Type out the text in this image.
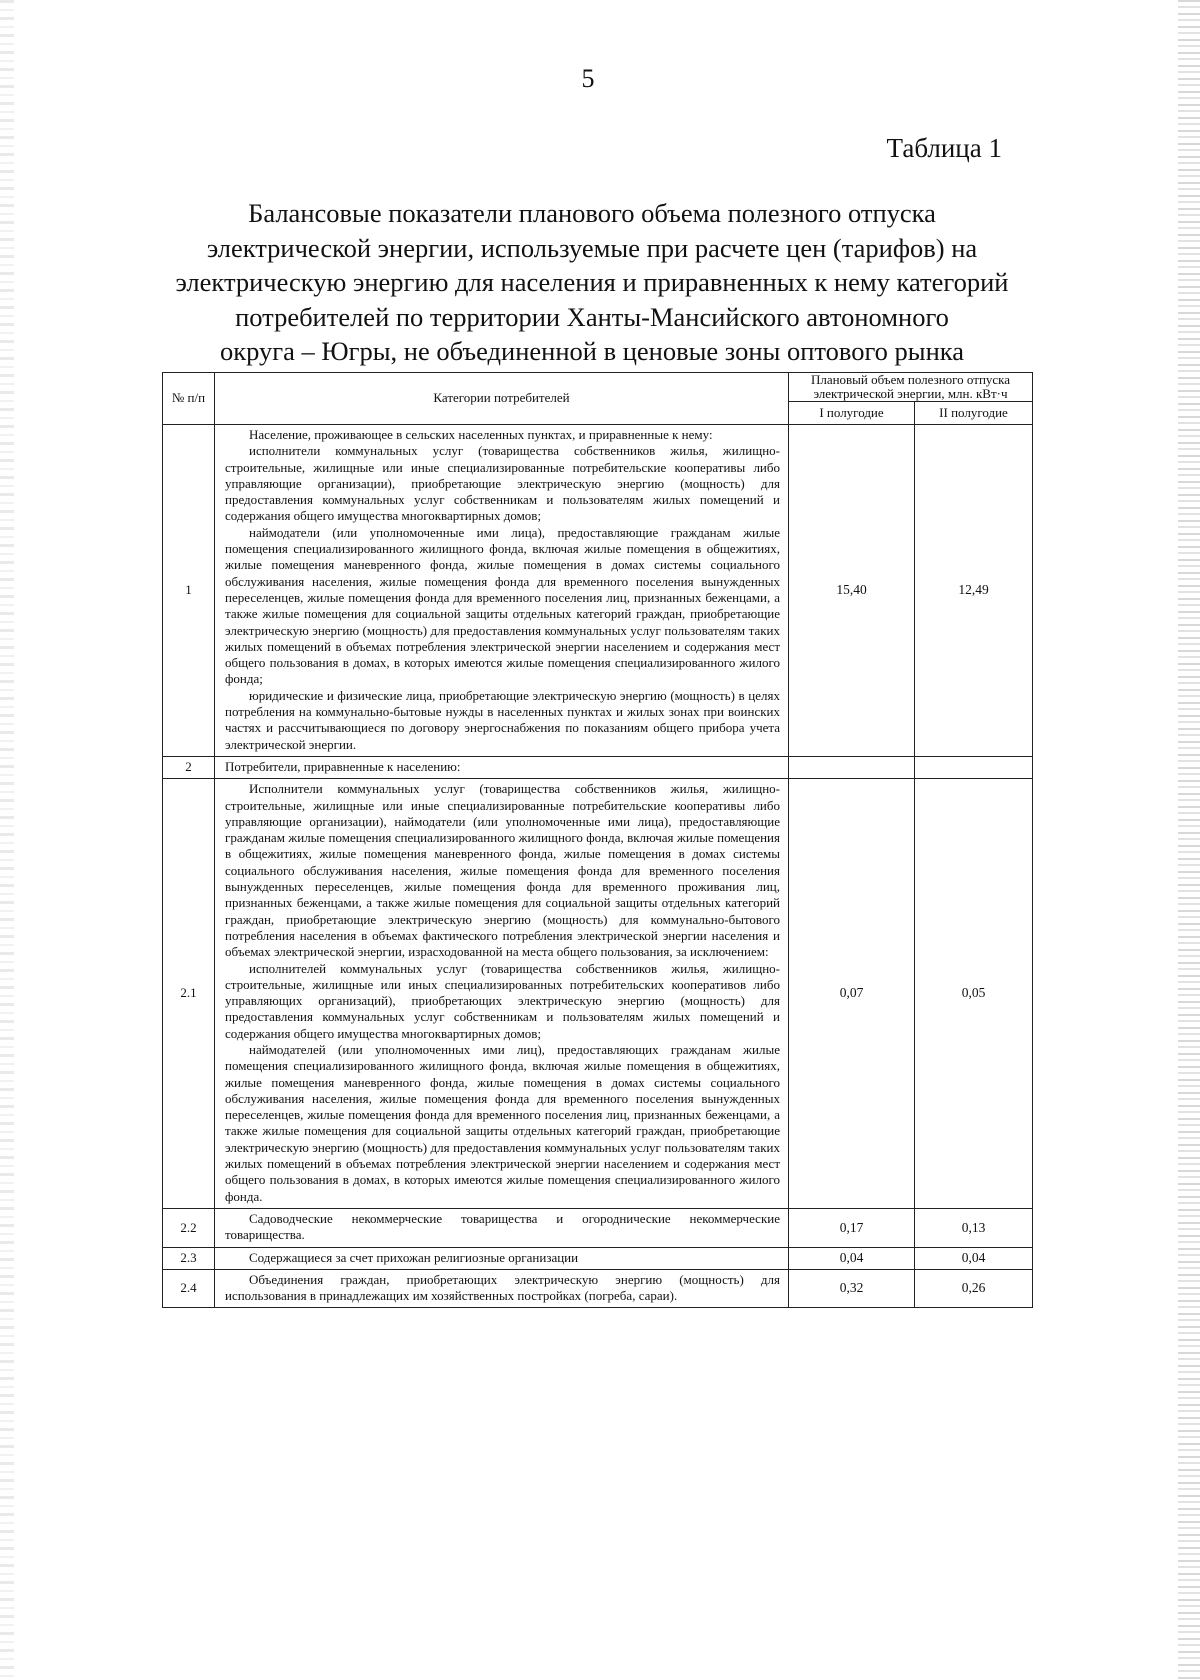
5
Таблица 1
Балансовые показатели планового объема полезного отпуска
электрической энергии, используемые при расчете цен (тарифов) на
электрическую энергию для населения и приравненных к нему категорий
потребителей по территории Ханты-Мансийского автономного
округа – Югры, не объединенной в ценовые зоны оптового рынка
№ п/п	Категории потребителей	Плановый объем полезного отпуска электрической энергии, млн. кВт·ч	
		I полугодие	II полугодие
1	Население, проживающее в сельских населенных пунктах, и приравненные к нему:

исполнители коммунальных услуг (товарищества собственников жилья, жилищно-строительные, жилищные или иные специализированные потребительские кооперативы либо управляющие организации), приобретающие электрическую энергию (мощность) для предоставления коммунальных услуг собственникам и пользователям жилых помещений и содержания общего имущества многоквартирных домов;

наймодатели (или уполномоченные ими лица), предоставляющие гражданам жилые помещения специализированного жилищного фонда, включая жилые помещения в общежитиях, жилые помещения маневренного фонда, жилые помещения в домах системы социального обслуживания населения, жилые помещения фонда для временного поселения вынужденных переселенцев, жилые помещения фонда для временного поселения лиц, признанных беженцами, а также жилые помещения для социальной защиты отдельных категорий граждан, приобретающие электрическую энергию (мощность) для предоставления коммунальных услуг пользователям таких жилых помещений в объемах потребления электрической энергии населением и содержания мест общего пользования в домах, в которых имеются жилые помещения специализированного жилого фонда;

юридические и физические лица, приобретающие электрическую энергию (мощность) в целях потребления на коммунально-бытовые нужды в населенных пунктах и жилых зонах при воинских частях и рассчитывающиеся по договору энергоснабжения по показаниям общего прибора учета электрической энергии.	15,40	12,49
2	Потребители, приравненные к населению:		

2.1	Исполнители коммунальных услуг (товарищества собственников жилья, жилищно-строительные, жилищные или иные специализированные потребительские кооперативы либо управляющие организации), наймодатели (или уполномоченные ими лица), предоставляющие гражданам жилые помещения специализированного жилищного фонда, включая жилые помещения в общежитиях, жилые помещения маневренного фонда, жилые помещения в домах системы социального обслуживания населения, жилые помещения фонда для временного поселения вынужденных переселенцев, жилые помещения фонда для временного проживания лиц, признанных беженцами, а также жилые помещения для социальной защиты отдельных категорий граждан, приобретающие электрическую энергию (мощность) для коммунально-бытового потребления населения в объемах фактического потребления электрической энергии населения и объемах электрической энергии, израсходованной на места общего пользования, за исключением:

исполнителей коммунальных услуг (товарищества собственников жилья, жилищно-строительные, жилищные или иных специализированных потребительских кооперативов либо управляющих организаций), приобретающих электрическую энергию (мощность) для предоставления коммунальных услуг собственникам и пользователям жилых помещений и содержания общего имущества многоквартирных домов;

наймодателей (или уполномоченных ими лиц), предоставляющих гражданам жилые помещения специализированного жилищного фонда, включая жилые помещения в общежитиях, жилые помещения маневренного фонда, жилые помещения в домах системы социального обслуживания населения, жилые помещения фонда для временного поселения вынужденных переселенцев, жилые помещения фонда для временного поселения лиц, признанных беженцами, а также жилые помещения для социальной защиты отдельных категорий граждан, приобретающие электрическую энергию (мощность) для предоставления коммунальных услуг пользователям таких жилых помещений в объемах потребления электрической энергии населением и содержания мест общего пользования в домах, в которых имеются жилые помещения специализированного жилого фонда.	0,07	0,05
2.2	Садоводческие некоммерческие товарищества и огороднические некоммерческие товарищества.	0,17	0,13
2.3	Содержащиеся за счет прихожан религиозные организации	0,04	0,04
2.4	Объединения граждан, приобретающих электрическую энергию (мощность) для использования в принадлежащих им хозяйственных постройках (погреба, сараи).	0,32	0,26
